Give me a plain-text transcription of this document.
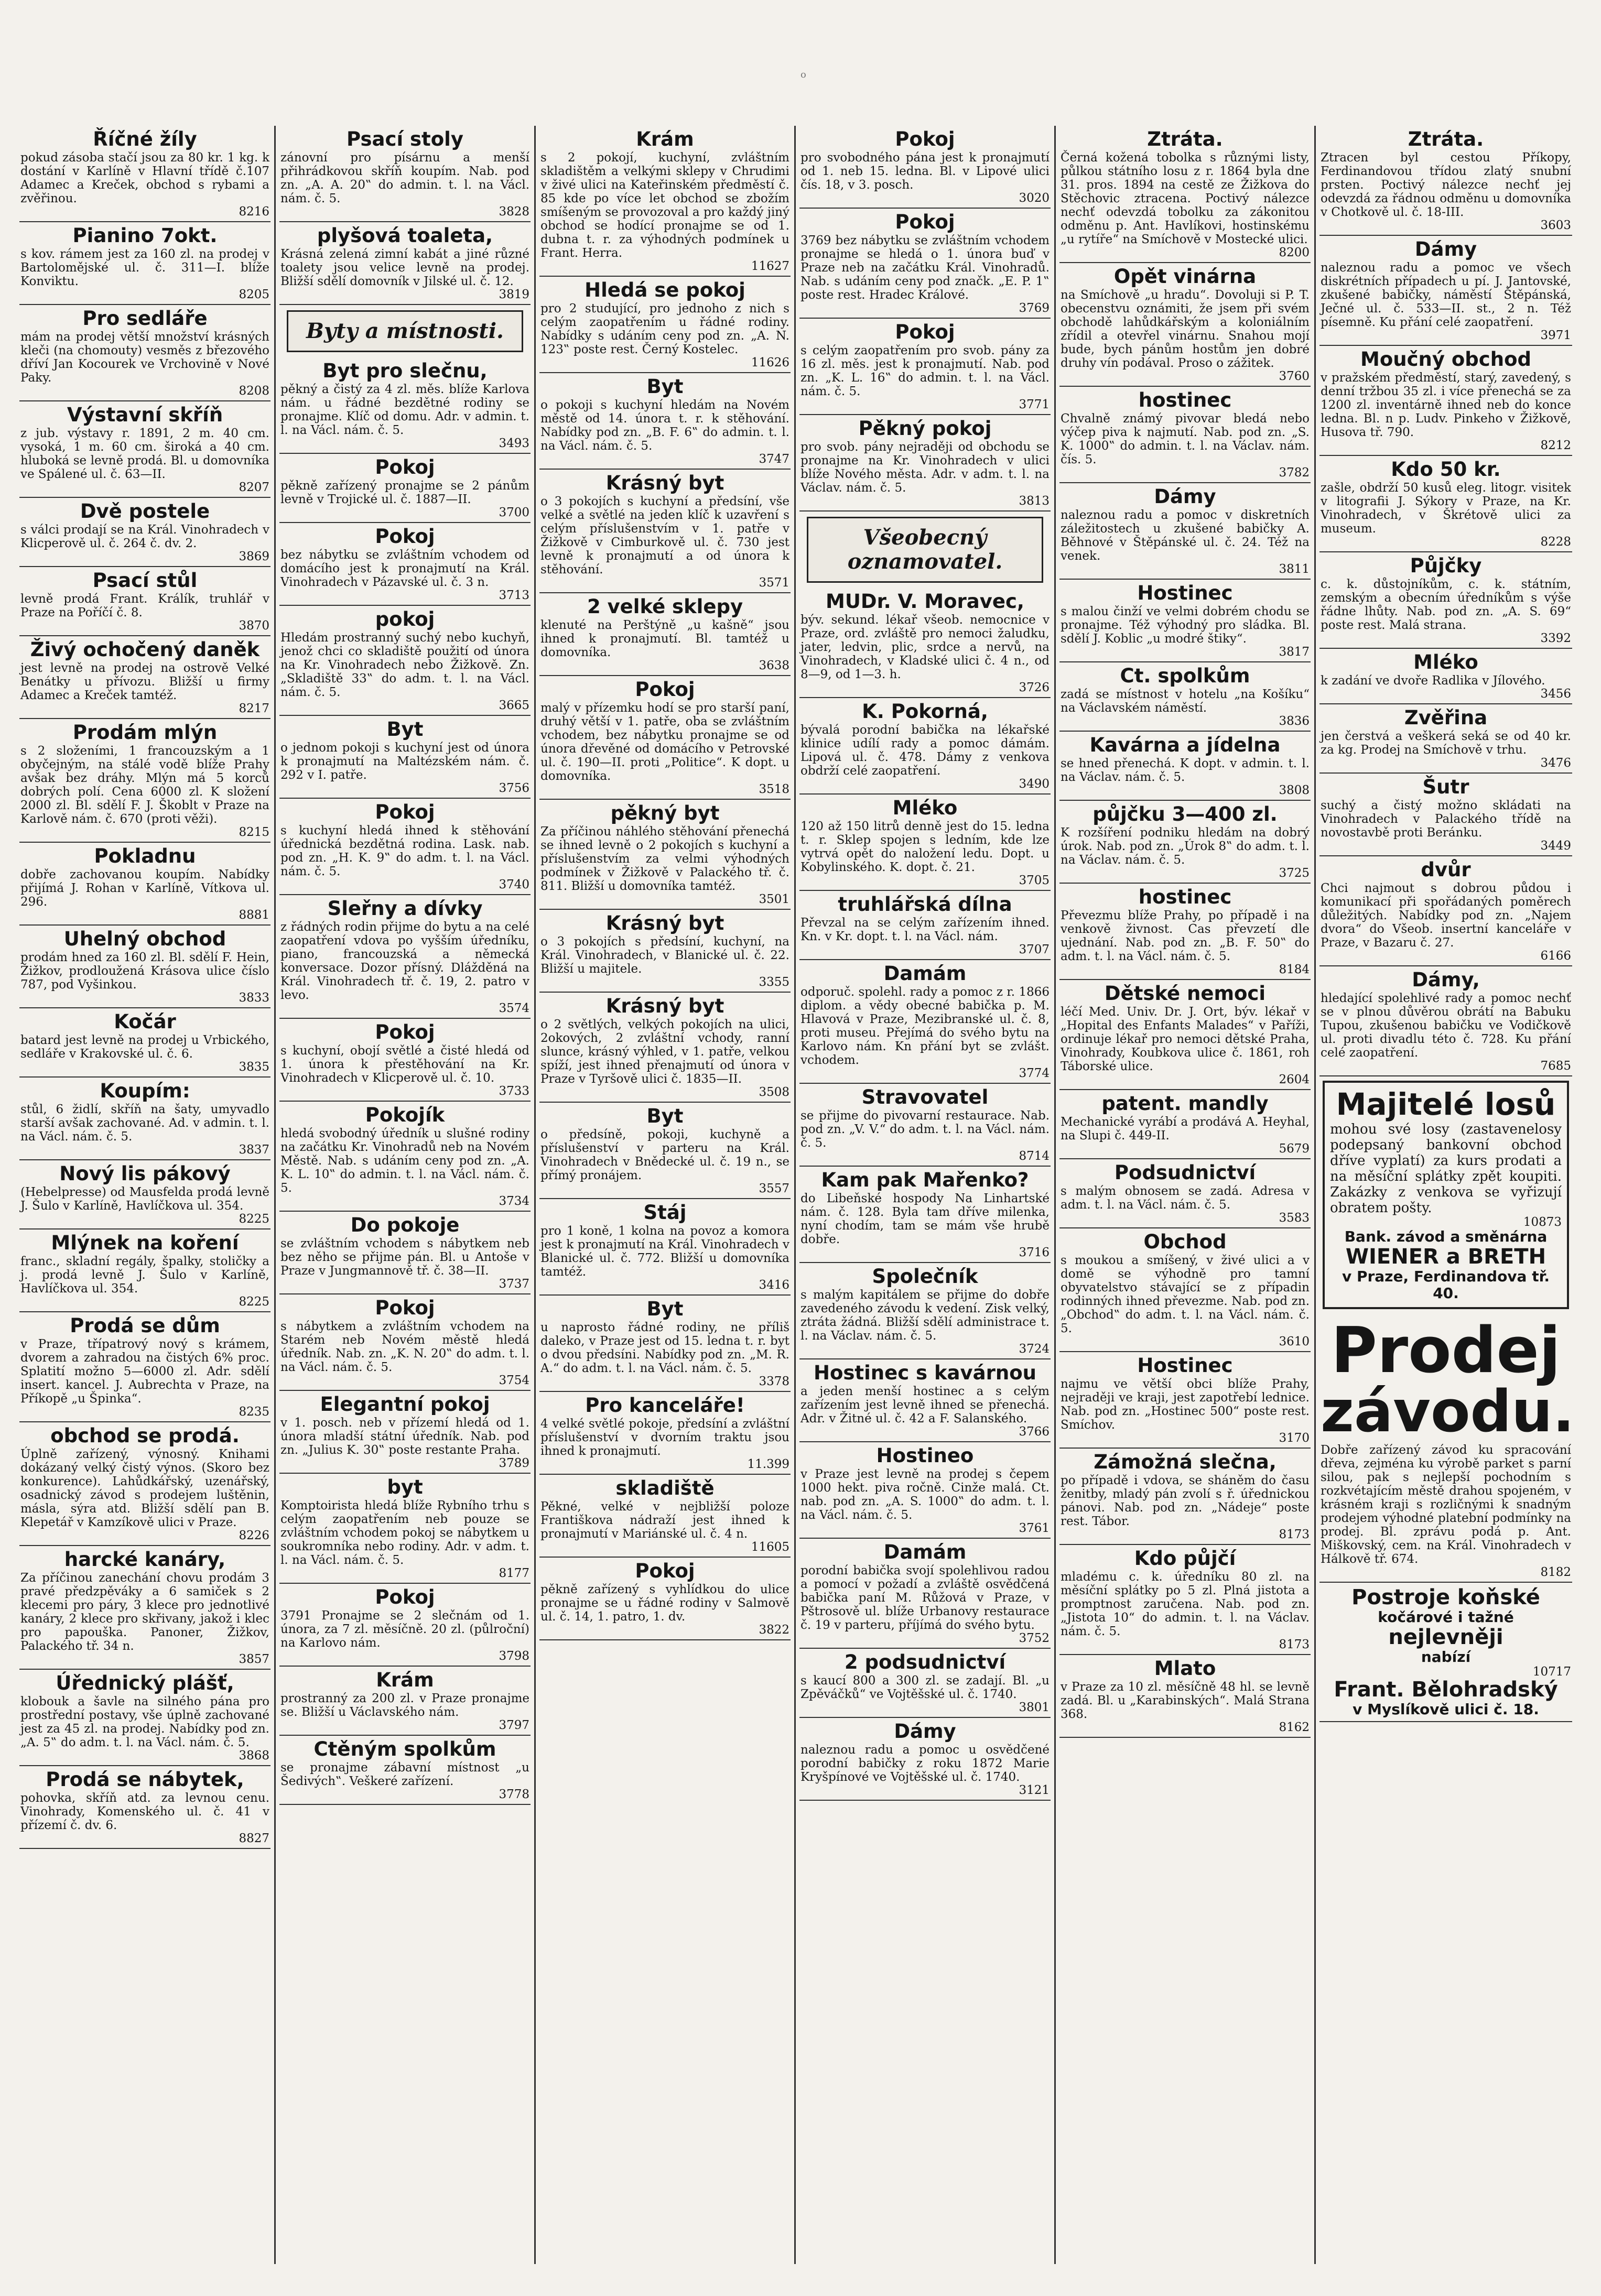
o
Říčné žíly

pokud zásoba stačí jsou za 80 kr. 1 kg. k dostání v Karlíně v Hlavní třídě č.107 Adamec a Kreček, obchod s rybami a zvěřinou.

8216
Pianino 7okt.

s kov. rámem jest za 160 zl. na prodej v Bartolomějské ul. č. 311—I. blíže Konviktu.

8205
Pro sedláře

mám na prodej větší množství krásných kleči (na chomouty) vesměs z březového dříví Jan Kocourek ve Vrchovině v Nové Paky.

8208
Výstavní skříň

z jub. výstavy r. 1891, 2 m. 40 cm. vysoká, 1 m. 60 cm. široká a 40 cm. hluboká se levně prodá. Bl. u domovníka ve Spálené ul. č. 63—II.

8207
Dvě postele

s válci prodají se na Král. Vinohradech v Klicperově ul. č. 264 č. dv. 2.

3869
Psací stůl

levně prodá Frant. Králík, truhlář v Praze na Poříčí č. 8.

3870
Živý ochočený daněk

jest levně na prodej na ostrově Velké Benátky u přívozu. Bližší u firmy Adamec a Kreček tamtéž.

8217
Prodám mlýn

s 2 složeními, 1 francouzským a 1 obyčejným, na stálé vodě blíže Prahy avšak bez dráhy. Mlýn má 5 korců dobrých polí. Cena 6000 zl. K složení 2000 zl. Bl. sdělí F. J. Škoblt v Praze na Karlově nám. č. 670 (proti věži).

8215
Pokladnu

dobře zachovanou koupím. Nabídky přijímá J. Rohan v Karlíně, Vítkova ul. 296.

8881
Uhelný obchod

prodám hned za 160 zl. Bl. sdělí F. Hein, Žižkov, prodloužená Krásova ulice číslo 787, pod Vyšinkou.

3833
Kočár

batard jest levně na prodej u Vrbického, sedláře v Krakovské ul. č. 6.

3835
Koupím:

stůl, 6 židlí, skříň na šaty, umyvadlo starší avšak zachované. Ad. v admin. t. l. na Václ. nám. č. 5.

3837
Nový lis pákový

(Hebelpresse) od Mausfelda prodá levně J. Šulo v Karlíně, Havlíčkova ul. 354.

8225
Mlýnek na koření

franc., skladní regály, špalky, stoličky a j. prodá levně J. Šulo v Karlíně, Havlíčkova ul. 354.

8225
Prodá se dům

v Praze, třípatrový nový s krámem, dvorem a zahradou na čistých 6% proc. Splatití možno 5—6000 zl. Adr. sdělí insert. kancel. J. Aubrechta v Praze, na Příkopě „u Špinka“.

8235
obchod se prodá.

Úplně zařízený, výnosný. Knihami dokázaný velký čistý výnos. (Skoro bez konkurence). Lahůdkářský, uzenářský, osadnický závod s prodejem luštěnin, másla, sýra atd. Bližší sdělí pan B. Klepetář v Kamzíkově ulici v Praze.

8226
harcké kanáry,

Za příčinou zanechání chovu prodám 3 pravé předzpěváky a 6 samiček s 2 klecemi pro páry, 3 klece pro jednotlivé kanáry, 2 klece pro skřivany, jakož i klec pro papouška. Panoner, Žižkov, Palackého tř. 34 n.

3857
Úřednický plášť,

klobouk a šavle na silného pána pro prostřední postavy, vše úplně zachované jest za 45 zl. na prodej. Nabídky pod zn. „A. 5‟ do adm. t. l. na Václ. nám. č. 5.

3868
Prodá se nábytek,

pohovka, skříň atd. za levnou cenu. Vinohrady, Komenského ul. č. 41 v přízemí č. dv. 6.

8827
Psací stoly

zánovní pro písárnu a menší přihrádkovou skříň koupím. Nab. pod zn. „A. A. 20‟ do admin. t. l. na Václ. nám. č. 5.

3828
plyšová toaleta,

Krásná zelená zimní kabát a jiné různé toalety jsou velice levně na prodej. Bližší sdělí domovník v Jilské ul. č. 12.

3819
Byty a místnosti.
Byt pro slečnu,

pěkný a čistý za 4 zl. měs. blíže Karlova nám. u řádné bezdětné rodiny se pronajme. Klíč od domu. Adr. v admin. t. l. na Václ. nám. č. 5.

3493
Pokoj

pěkně zařízený pronajme se 2 pánům levně v Trojické ul. č. 1887—II.

3700
Pokoj

bez nábytku se zvláštním vchodem od domácího jest k pronajmutí na Král. Vinohradech v Pázavské ul. č. 3 n.

3713
pokoj

Hledám prostranný suchý nebo kuchyň, jenož chci co skladiště použití od února na Kr. Vinohradech nebo Žižkově. Zn. „Skladiště 33‟ do adm. t. l. na Václ. nám. č. 5.

3665
Byt

o jednom pokoji s kuchyní jest od února k pronajmutí na Maltézském nám. č. 292 v I. patře.

3756
Pokoj

s kuchyní hledá ihned k stěhování úřednická bezdětná rodina. Lask. nab. pod zn. „H. K. 9‟ do adm. t. l. na Václ. nám. č. 5.

3740
Sleřny a dívky

z řádných rodin přijme do bytu a na celé zaopatření vdova po vyšším úředníku, piano, francouzská a německá konversace. Dozor přísný. Dlážděná na Král. Vinohradech tř. č. 19, 2. patro v levo.

3574
Pokoj

s kuchyní, obojí světlé a čisté hledá od 1. února k přestěhování na Kr. Vinohradech v Klicperově ul. č. 10.

3733
Pokojík

hledá svobodný úředník u slušné rodiny na začátku Kr. Vinohradů neb na Novém Městě. Nab. s udáním ceny pod zn. „A. K. L. 10‟ do admin. t. l. na Václ. nám. č. 5.

3734
Do pokoje

se zvláštním vchodem s nábytkem neb bez něho se přijme pán. Bl. u Antoše v Praze v Jungmannově tř. č. 38—II.

3737
Pokoj

s nábytkem a zvláštním vchodem na Starém neb Novém městě hledá úředník. Nab. zn. „K. N. 20‟ do adm. t. l. na Václ. nám. č. 5.

3754
Elegantní pokoj

v 1. posch. neb v přízemí hledá od 1. února mladší státní úředník. Nab. pod zn. „Julius K. 30‟ poste restante Praha.

3789
byt

Komptoirista hledá blíže Rybního trhu s celým zaopatřením neb pouze se zvláštním vchodem pokoj se nábytkem u soukromníka nebo rodiny. Adr. v adm. t. l. na Václ. nám. č. 5.

8177
Pokoj

3791 Pronajme se 2 slečnám od 1. února, za 7 zl. měsíčně. 20 zl. (půlroční) na Karlovo nám.

3798
Krám

prostranný za 200 zl. v Praze pronajme se. Bližší u Václavského nám.

3797
Ctěným spolkům

se pronajme zábavní místnost „u Šedivých‟. Veškeré zařízení.

3778
Krám

s 2 pokojí, kuchyní, zvláštním skladištěm a velkými sklepy v Chrudimi v živé ulici na Kateřinském předměstí č. 85 kde po více let obchod se zbožím smíšeným se provozoval a pro každý jiný obchod se hodící pronajme se od 1. dubna t. r. za výhodných podmínek u Frant. Herra.

11627
Hledá se pokoj

pro 2 studující, pro jednoho z nich s celým zaopatřením u řádné rodiny. Nabídky s udáním ceny pod zn. „A. N. 123‟ poste rest. Černý Kostelec.

11626
Byt

o pokoji s kuchyní hledám na Novém městě od 14. února t. r. k stěhování. Nabídky pod zn. „B. F. 6‟ do admin. t. l. na Václ. nám. č. 5.

3747
Krásný byt

o 3 pokojích s kuchyní a předsíní, vše velké a světlé na jeden klíč k uzavření s celým příslušenstvím v 1. patře v Žižkově v Cimburkově ul. č. 730 jest levně k pronajmutí a od února k stěhování.

3571
2 velké sklepy

klenuté na Perštýně „u kašně“ jsou ihned k pronajmutí. Bl. tamtéž u domovníka.

3638
Pokoj

malý v přízemku hodí se pro starší paní, druhý větší v 1. patře, oba se zvláštním vchodem, bez nábytku pronajme se od února dřevěné od domácího v Petrovské ul. č. 190—II. proti „Politice“. K dopt. u domovníka.

3518
pěkný byt

Za příčinou náhlého stěhování přenechá se ihned levně o 2 pokojích s kuchyní a příslušenstvím za velmi výhodných podmínek v Žižkově v Palackého tř. č. 811. Bližší u domovníka tamtéž.

3501
Krásný byt

o 3 pokojích s předsíní, kuchyní, na Král. Vinohradech, v Blanické ul. č. 22. Bližší u majitele.

3355
Krásný byt

o 2 světlých, velkých pokojích na ulici, 2okových, 2 zvláštní vchody, ranní slunce, krásný výhled, v 1. patře, velkou spíží, jest ihned přenajmutí od února v Praze v Tyršově ulici č. 1835—II.

3508
Byt

o předsíně, pokoji, kuchyně a příslušenství v parteru na Král. Vinohradech v Bnědecké ul. č. 19 n., se přímý pronájem.

3557
Stáj

pro 1 koně, 1 kolna na povoz a komora jest k pronajmutí na Král. Vinohradech v Blanické ul. č. 772. Bližší u domovníka tamtéž.

3416
Byt

u naprosto řádné rodiny, ne příliš daleko, v Praze jest od 15. ledna t. r. byt o dvou předsíni. Nabídky pod zn. „M. R. A.“ do adm. t. l. na Václ. nám. č. 5.

3378
Pro kanceláře!

4 velké světlé pokoje, předsíní a zvláštní příslušenství v dvorním traktu jsou ihned k pronajmutí.

11.399
skladiště

Pěkné, velké v nejbližší poloze Františkova nádraží jest ihned k pronajmutí v Mariánské ul. č. 4 n.

11605
Pokoj

pěkně zařízený s vyhlídkou do ulice pronajme se u řádné rodiny v Salmově ul. č. 14, 1. patro, 1. dv.

3822
Pokoj

pro svobodného pána jest k pronajmutí od 1. neb 15. ledna. Bl. v Lipové ulici čís. 18, v 3. posch.

3020
Pokoj

3769 bez nábytku se zvláštním vchodem pronajme se hledá o 1. února buď v Praze neb na začátku Král. Vinohradů. Nab. s udáním ceny pod značk. „E. P. 1‟ poste rest. Hradec Králové.

3769
Pokoj

s celým zaopatřením pro svob. pány za 16 zl. měs. jest k pronajmutí. Nab. pod zn. „K. L. 16‟ do admin. t. l. na Václ. nám. č. 5.

3771
Pěkný pokoj

pro svob. pány nejraději od obchodu se pronajme na Kr. Vinohradech v ulici blíže Nového města. Adr. v adm. t. l. na Václav. nám. č. 5.

3813
Všeobecný oznamovatel.
MUDr. V. Moravec,

býv. sekund. lékař všeob. nemocnice v Praze, ord. zvláště pro nemoci žaludku, jater, ledvin, plic, srdce a nervů, na Vinohradech, v Kladské ulici č. 4 n., od 8—9, od 1—3. h.

3726
K. Pokorná,

bývalá porodní babička na lékařské klinice udílí rady a pomoc dámám. Lipová ul. č. 478. Dámy z venkova obdrží celé zaopatření.

3490
Mléko

120 až 150 litrů denně jest do 15. ledna t. r. Sklep spojen s ledním, kde lze vytrvá opět do naložení ledu. Dopt. u Kobylinského. K. dopt. č. 21.

3705
truhlářská dílna

Převzal na se celým zařízením ihned. Kn. v Kr. dopt. t. l. na Václ. nám.

3707
Damám

odporuč. spolehl. rady a pomoc z r. 1866 diplom. a vědy obecné babička p. M. Hlavová v Praze, Mezibranské ul. č. 8, proti museu. Přejímá do svého bytu na Karlovo nám. Kn přání byt se zvlášt. vchodem.

3774
Stravovatel

se přijme do pivovarní restaurace. Nab. pod zn. „V. V.“ do adm. t. l. na Václ. nám. č. 5.

8714
Kam pak Mařenko?

do Libeňské hospody Na Linhartské nám. č. 128. Byla tam dříve milenka, nyní chodím, tam se mám vše hrubě dobře.

3716
Společník

s malým kapitálem se přijme do dobře zavedeného závodu k vedení. Zisk velký, ztráta žádná. Bližší sdělí administrace t. l. na Václav. nám. č. 5.

3724
Hostinec s kavárnou

a jeden menší hostinec a s celým zařízením jest levně ihned se přenechá. Adr. v Žitné ul. č. 42 a F. Salanského.

3766
Hostineo

v Praze jest levně na prodej s čepem 1000 hekt. piva ročně. Cinže malá. Ct. nab. pod zn. „A. S. 1000‟ do adm. t. l. na Václ. nám. č. 5.

3761
Damám

porodní babička svojí spolehlivou radou a pomocí v požadí a zvláště osvědčená babička paní M. Růžová v Praze, v Pštrosově ul. blíže Urbanovy restaurace č. 19 v parteru, příjímá do svého bytu.

3752
2 podsudnictví

s kaucí 800 a 300 zl. se zadají. Bl. „u Zpěváčků“ ve Vojtěšské ul. č. 1740.

3801
Dámy

naleznou radu a pomoc u osvědčené porodní babičky z roku 1872 Marie Kryšpínové ve Vojtěšské ul. č. 1740.

3121
Ztráta.

Černá kožená tobolka s různými listy, půlkou státního losu z r. 1864 byla dne 31. pros. 1894 na cestě ze Žižkova do Stěchovic ztracena. Poctivý nálezce nechť odevzdá tobolku za zákonitou odměnu p. Ant. Havlíkovi, hostinskému „u rytíře“ na Smíchově v Mostecké ulici.

8200
Opět vinárna

na Smíchově „u hradu“. Dovoluji si P. T. obecenstvu oznámiti, že jsem při svém obchodě lahůdkářským a koloniálním zřídil a otevřel vinárnu. Snahou mojí bude, bych pánům hostům jen dobré druhy vín podával. Proso o zážitek.

3760
hostinec

Chvalně známý pivovar bledá nebo výčep piva k najmutí. Nab. pod zn. „S. K. 1000‟ do admin. t. l. na Václav. nám. čís. 5.

3782
Dámy

naleznou radu a pomoc v diskretních záležitostech u zkušené babičky A. Běhnové v Štěpánské ul. č. 24. Též na venek.

3811
Hostinec

s malou činží ve velmi dobrém chodu se pronajme. Též výhodný pro sládka. Bl. sdělí J. Koblic „u modré štiky“.

3817
Ct. spolkům

zadá se místnost v hotelu „na Košíku“ na Václavském náměstí.

3836
Kavárna a jídelna

se hned přenechá. K dopt. v admin. t. l. na Václav. nám. č. 5.

3808
půjčku 3—400 zl.

K rozšíření podniku hledám na dobrý úrok. Nab. pod zn. „Úrok 8‟ do adm. t. l. na Václav. nám. č. 5.

3725
hostinec

Převezmu blíže Prahy, po případě i na venkově živnost. Cas převzetí dle ujednání. Nab. pod zn. „B. F. 50‟ do adm. t. l. na Václ. nám. č. 5.

8184
Dětské nemoci

léčí Med. Univ. Dr. J. Ort, býv. lékař v „Hopital des Enfants Malades“ v Paříži, ordinuje lékař pro nemoci dětské Praha, Vinohrady, Koubkova ulice č. 1861, roh Táborské ulice.

2604
patent. mandly

Mechanické vyrábí a prodává A. Heyhal, na Slupi č. 449-II.

5679
Podsudnictví

s malým obnosem se zadá. Adresa v adm. t. l. na Václ. nám. č. 5.

3583
Obchod

s moukou a smíšený, v živé ulici a v domě se výhodně pro tamní obyvatelstvo stávající se z případin rodinných ihned převezme. Nab. pod zn. „Obchod‟ do adm. t. l. na Václ. nám. č. 5.

3610
Hostinec

najmu ve větší obci blíže Prahy, nejraději ve kraji, jest zapotřebí lednice. Nab. pod zn. „Hostinec 500“ poste rest. Smíchov.

3170
Zámožná slečna,

po případě i vdova, se sháněm do času ženitby, mladý pán zvolí s ř. úřednickou pánovi. Nab. pod zn. „Nádeje“ poste rest. Tábor.

8173
Kdo půjčí

mladému c. k. úředníku 80 zl. na měsíční splátky po 5 zl. Plná jistota a promptnost zaručena. Nab. pod zn. „Jistota 10“ do admin. t. l. na Václav. nám. č. 5.

8173
Mlato

v Praze za 10 zl. měsíčně 48 hl. se levně zadá. Bl. u „Karabinských“. Malá Strana 368.

8162
Ztráta.

Ztracen byl cestou Příkopy, Ferdinandovou třídou zlatý snubní prsten. Poctivý nálezce nechť jej odevzdá za řádnou odměnu u domovníka v Chotkově ul. č. 18-III.

3603
Dámy

naleznou radu a pomoc ve všech diskrétních případech u pí. J. Jantovské, zkušené babičky, náměstí Štěpánská, Ječné ul. č. 533—II. st., 2 n. Též písemně. Ku přání celé zaopatření.

3971
Moučný obchod

v pražském předměstí, starý, zavedený, s denní tržbou 35 zl. i více přenechá se za 1200 zl. inventárně ihned neb do konce ledna. Bl. n p. Ludv. Pinkeho v Žižkově, Husova tř. 790.

8212
Kdo 50 kr.

zašle, obdrží 50 kusů eleg. litogr. visitek v litografii J. Sýkory v Praze, na Kr. Vinohradech, v Škrétově ulici za museum.

8228
Půjčky

c. k. důstojníkům, c. k. státním, zemským a obecním úředníkům s výše řádne lhůty. Nab. pod zn. „A. S. 69“ poste rest. Malá strana.

3392
Mléko

k zadání ve dvoře Radlika v Jílového.

3456
Zvěřina

jen čerstvá a veškerá seká se od 40 kr. za kg. Prodej na Smíchově v trhu.

3476
Šutr

suchý a čistý možno skládati na Vinohradech v Palackého třídě na novostavbě proti Beránku.

3449
dvůr

Chci najmout s dobrou půdou i komunikací při spořádaných poměrech důležitých. Nabídky pod zn. „Najem dvora“ do Všeob. insertní kanceláře v Praze, v Bazaru č. 27.

6166
Dámy,

hledající spolehlivé rady a pomoc nechť se v plnou důvěrou obrátí na Babuku Tupou, zkušenou babičku ve Vodičkově ul. proti divadlu této č. 728. Ku přání celé zaopatření.

7685
Majitelé losů

mohou své losy (zastavenelosy podepsaný bankovní obchod dříve vyplatí) za kurs prodati a na měsíční splátky zpět koupiti. Zakázky z venkova se vyřizují obratem pošty.

10873
Bank. závod a směnárna
WIENER a BRETH
v Praze, Ferdinandova tř. 40.
Prodej
závodu.

Dobře zařízený závod ku spracování dřeva, zejména ku výrobě parket s parní silou, pak s nejlepší pochodním s rozkvétajícím městě drahou spojeném, v krásném kraji s rozličnými k snadným prodejem výhodné platební podmínky na prodej. Bl. zprávu podá p. Ant. Miškovský, cem. na Král. Vinohradech v Hálkově tř. 674.

8182
Postroje koňské
kočárové i tažné
nejlevněji
nabízí
10717
Frant. Bělohradský
v Myslíkově ulici č. 18.
